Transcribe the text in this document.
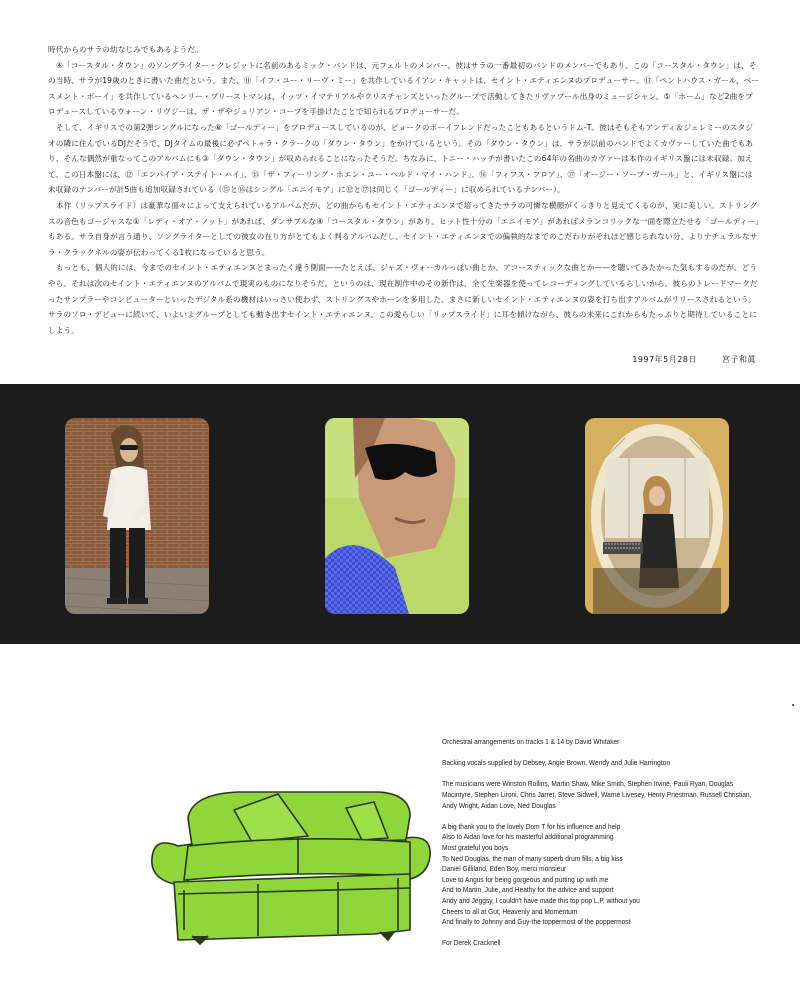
時代からのサラの幼なじみでもあるようだ。

④「コースタル・タウン」のソングライター・クレジットに名前のあるミック・バンドは、元フェルトのメンバー。彼はサラの一番最初のバンドのメンバーでもあり、この「コースタル・タウン」は、その当時、サラが19歳のときに書いた曲だという。また、⑪「イフ・ユー・リーヴ・ミー」を共作しているイアン・キャットは、セイント・エティエンヌのプロデューサー。⑬「ペントハウス・ガール、ベースメント・ボーイ」を共作しているヘンリー・プリーストマンは、イッツ・イマテリアルやクリスチャンズといったグループで活動してきたリヴァプール出身のミュージシャン。⑤「ホーム」など2曲をプロデュースしているウォーン・リヴジーは、ザ・ザやジュリアン・コープを手掛けたことで知られるプロデューサーだ。

そして、イギリスでの第2弾シングルになった⑧「ゴールディー」をプロデュースしているのが、ビョークのボーイフレンドだったこともあるというドム-T。彼はそもそもアンディ＆ジェレミーのスタジオの隣に住んでいるDJだそうで、DJタイムの最後に必ずペトゥラ・クラークの「ダウン・タウン」をかけているという。その「ダウン・タウン」は、サラが以前のバンドでよくカヴァーしていた曲でもあり、そんな偶然が重なってこのアルバムにも③「ダウン・タウン」が収められることになったそうだ。ちなみに、トニー・ハッチが書いたこの64年の名曲のカヴァーは本作のイギリス盤には未収録。加えて、この日本盤には、⑫「エンパイア・ステイト・ハイ」、⑮「ザ・フィーリング・ホエン・ユー・ヘルド・マイ・ハンド」、⑯「フィフス・フロア」、⑰「オージー・ソープ・ガール」と、イギリス盤には未収録のナンバーが計5曲も追加収録されている（⑮と⑯はシングル「エニイモア」に⑫と⑰は同じく「ゴールディー」に収められているナンバー）。

本作（リップスライド）は豪華な面々によって支えられているアルバムだが、どの曲からもセイント・エティエンヌで培ってきたサラの可憐な横顔がくっきりと見えてくるのが、実に美しい。ストリングスの音色もゴージャスな①「レディ・オア・ノット」があれば、ダンサブルな④「コースタル・タウン」があり。ヒット性十分の「エニイモア」があればメランコリックな一面を際立たせる「ゴールディー」もある。サラ自身が言う通り、ソングライターとしての彼女の在り方がとてもよく判るアルバムだし、セイント・エティエンヌでの偏執的なまでのこだわりがそれほど感じられない分、よりナチュラルなサラ・クラックネルの姿が伝わってくる1枚になっていると思う。

もっとも、個人的には、今までのセイント・エティエンヌとまったく違う側面——たとえば、ジャズ・ヴォーカルっぽい曲とか、アコースティックな曲とか——を聴いてみたかった気もするのだが、どうやら、それは次のセイント・エティエンヌのアルバムで現実のものになりそうだ。というのは、現在制作中のその新作は、全て生楽器を使ってレコーディングしているらしいから。彼らのトレードマークだったサンプラーやコンピューターといったデジタル系の機材はいっさい使わず、ストリングスやホーンを多用した、まさに新しいセイント・エティエンヌの姿を打ち出すアルバムがリリースされるという。サラのソロ・デビューに続いて、いよいよグループとしても動き出すセイント・エティエンヌ。この愛らしい「リップスライド」に耳を傾けながら、彼らの未来にこれからもたっぷりと期待していることにしよう。

1997年5月28日	宮子和眞

Orchestral arrangements on tracks 1 & 14 by David Whitaker

Backing vocals supplied by Debsey, Angie Brown, Wendy and Julie Harrington

The musicians were Winston Rollins, Martin Shaw, Mike Smith, Stephen Irvine, Pauli Ryan, Douglas Macintyre, Stephen Lironi, Chris Jarret, Steve Sidwell, Warne Livesey, Henry Priestman, Russell Christian, Andy Wright, Aidan Love, Ned Douglas

A big thank you to the lovely Dom T for his influence and help

Also to Aidan love for his masterful additional programming

Most grateful you boys

To Ned Douglas, the man of many superb drum fills, a big kiss

Daniel Gilliland, Eden Boy, merci monsieur

Love to Angus for being gorgeous and putting up with me

And to Martin, Julie, and Heathy for the advice and support

Andy and Jeggsy, I couldn't have made this top pop L.P. without you

Cheers to all at Gut, Heavenly and Momentum

And finally to Johnny and Guy-the toppermost of the poppermost

For Derek Cracknell
